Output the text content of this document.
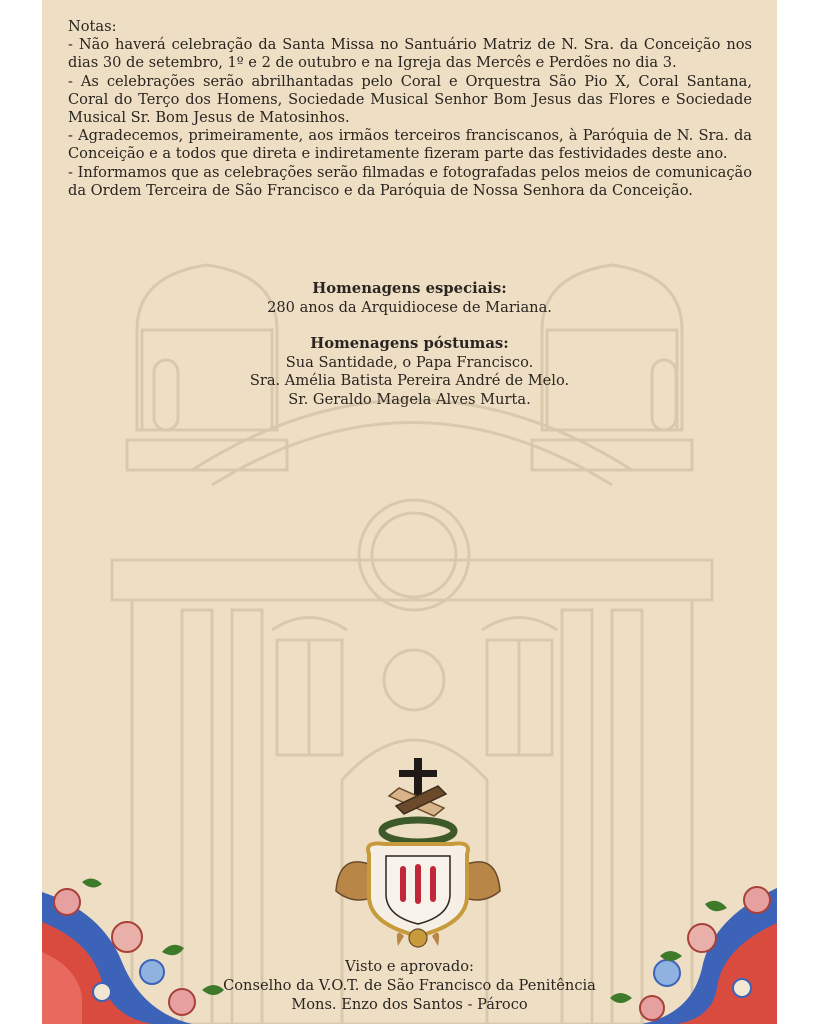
Notas:

- Não haverá celebração da Santa Missa no Santuário Matriz de N. Sra. da Conceição nos dias 30 de setembro, 1º e 2 de outubro e na Igreja das Mercês e Perdões no dia 3.

- As celebrações serão abrilhantadas pelo Coral e Orquestra São Pio X, Coral Santana, Coral do Terço dos Homens, Sociedade Musical Senhor Bom Jesus das Flores e Sociedade Musical Sr. Bom Jesus de Matosinhos.

- Agradecemos, primeiramente, aos irmãos terceiros franciscanos, à Paróquia de N. Sra. da Conceição e a todos que direta e indiretamente fizeram parte das festividades deste ano.

- Informamos que as celebrações serão filmadas e fotografadas pelos meios de comunicação da Ordem Terceira de São Francisco e da Paróquia de Nossa Senhora da Conceição.

Homenagens especiais:

280 anos da Arquidiocese de Mariana.

Homenagens póstumas:

Sua Santidade, o Papa Francisco.

Sra. Amélia Batista Pereira André de Melo.

Sr. Geraldo Magela Alves Murta.

Visto e aprovado:

Conselho da V.O.T. de São Francisco da Penitência

Mons. Enzo dos Santos - Pároco
